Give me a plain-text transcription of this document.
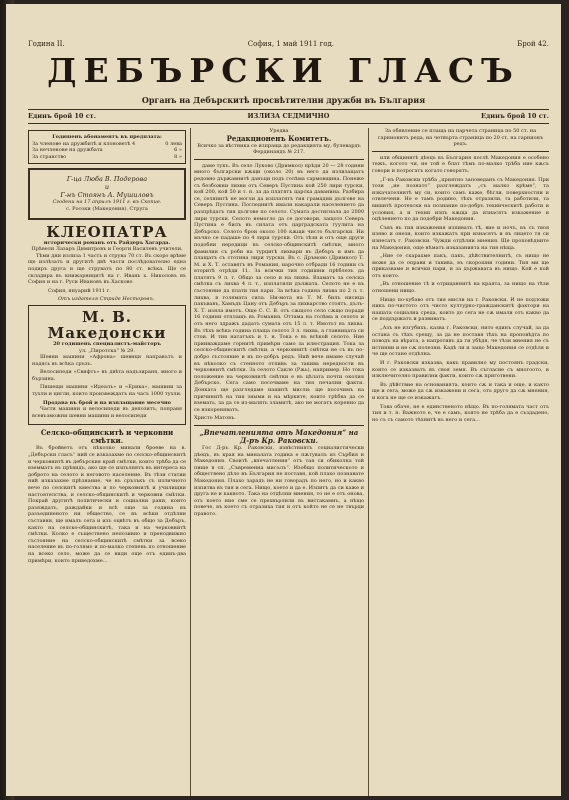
Година II.	София, 1 май 1911 год.	Брой 42.
ДЕБЪРСКИ ГЛАСЪ
Органъ на Дебърскитѣ просвѣтителни дружби въ България
Единъ брой 10 ст.	ИЗЛИЗА СЕДМИЧНО	Единъ брой 10 ст.
Годишенъ абонаментъ въ предплата:
За членове на дружбитѣ и клоноветѣ 4	0 лева
За нечленове на дружбата	6 »
За странство	8 »
Г-ца Люба В. Подерова
и
Г-нъ Стоянъ А. Мушиловъ
Сгодени на 17 априлъ 1911 г. въ Скопие.
с. Росоки (Македония). Струга
КЛЕОПАТРА
исторически романъ отъ Райдеръ Хагарда.
Прѣвели Лазаръ Димитровъ и Георги Василевъ учители.
Тѣми дни излиза 1 часть и струва 70 ст. Въ скоро врѣме ще излѣзатъ и другитѣ двѣ части послѣдователно една подиръ друга и ще струватъ по 80 ст. всѣка. Ще се складира въ книжарницитѣ на г. Ивань х. Николовъ въ София и на г. Руси Ивановъ въ Хасково
София, януарий 1911 г.
Отъ издателя Стриде Несторовъ.
М. В. Македонски
20 годишенъ специалистъ-майсторъ
ул. „Пиротска“ № 29.
Шевни машини «Афрона» шевици направътъ и надясь въ всѣка сръзъ.
Велосипеди «Свифтъ» въ двѣта надъзираня, много и бързина.
Пишещи машини «Идеалъ» и «Ерика», машини за тухли и цигли, които произвеждатъ на часъ 1000 тухли.
Продава въ брой и на изплащание месечно
Части машини и велосипеди въ депозитъ, поправя всевъзможни шевни машини и велосипеди
Селско-общинскитѣ и черковни смѣтки.
Въ бройветъ отъ нѣколко минали броеве на в. „Дебърски гласъ“ ний се изказахме по селско-общинскитѣ и черковнитѣ въ дебърския край смѣтки, които трѣба да се вземматъ въ прѣвидъ, ако ще се изпълнятъ въ интереса на доброто на селото и неговото население. Въ тѣзи статии ний изказахме прѣзнание, че въ сръзъкъ съ изличното вече по селскитѣ кмества и по черковнитѣ и училищни настоятелства, и селско-общинскитѣ и черковни смѣтки. Покрай другитѣ политически и социални рани, които разяждатъ, раждайки и всѣ още за година въ разъединеното ни общество, се въ всѣки отдѣлни съставни, ще ималъ сега и изъ оцвѣтъ въ общо за Дебъръ, както на селско-общинскитѣ, така и на черковнитѣ смѣтки. Колко е съществено непозивно и пренодвижно състояние на селско-общинскитѣ смѣтки за всеко население въ по-голямо и по-малко степень по отношение на всеко село, може да се види още отъ единъ-два примѣри, които приведохме...
Уредва
Редакционенъ Комитетъ.
Всичко за вѣстника се изпраща до редакцията му, булевардъ Фердинандъ № 217.
даме тукъ. Въ село Луково (Дримкол) прѣди 20 — 28 години много български кѫщи (около 20) въ него да излизащатъ редовно държавнитѣ данъци подъ голѣма сармовщина. Понеже съ безбожни лихви отъ Северъ Пустина кой 250 лири турски, кой 200, кой 50 и т. н. за да платятъ царска даванина. Разбира се, селянитѣ не могли да изплатятъ тия грамадни дългове на Северъ Пустина. Последнитѣ имали накарали населението да разпрѣдатъ тия дългове по селото. Сумата достигнала до 2000 лири турски. Селото немогло да се договори, защото Северъ Пустина е билъ въ силата отъ царградската гуулита на Дебърско. Селото брои около 100 кѫщи чисто български. Ни мъчно се падаше по 4 лири турски. Отъ тѣзи и отъ още други подобни нередици въ селско-общинскитѣ смѣтки, много фамилии съ роби на турцитѣ лихвари въ Дебъръ и имъ да плащатъ съ стотина лири турски. Въ с. Дръмово (Дримкол) Т. М. и Х. Т. оставятъ въ Романия, нарочно отбради 16 години съ вторитѣ отрѣди 11. За всички тия годишни прѣблезъ да платятъ 9 л. т. Общо за село и на лихва. Взаматъ за селска смѣтка съ лихва 4 л. т., изплатили дължата. Селото не е въ състояние да плати тия пари. За всѣка година лихва по 2 л. т. лихва, в голямата сила. Ни-мота на Т. М. билъ нисица пакъвавъ, Хамъдъ Цану отъ Дебъръ за лихварство стоятъ, дълъ-Х. Т. изяла имотъ. Още С. С. В. отъ сѫщото село сѫщо поради 16 години отплащъ въ Романия. Оттама на голѣма и селото и отъ него здражъ дадатъ сумата отъ 15 л. т. Имотът въ лихва. Въ тѣхъ всѣка година плаща селото 3 л. лихва, а главницата си стои. И тия нататъкъ и т. н. Тока е въ всѣкой селото. Ние прииваждаме горнитѣ примѣри само за илюстрация. Тока за селско-общинскитѣ смѣтки, а черковнитѣ смѣтки не съ въ по-добро състояние и въ по-добръ редъ. Ний вече имаме случай въ нѣколко съ стенното отпивъ за такива нередности въ черковнитѣ смѣтки. За селото Сакле (Рѫь), например. Но тока положение на черковнитѣ смѣтки е въ цѣлата почти околия Дебърско. Сега само посочваме на тия печални факти. Донката ще разгледаме нашитѣ мисли: ще посочимъ на причинитѣ на тия зными и на мѣрките, които трѣбва да се вземать, за да се из-малять зламитѣ, ако не могатъ коренно да се изкореняватъ.
Христо Матовъ.
„Впечатленията отъ Македония“ на Д-ръ Кр. Раковски.
Гос Д-ръ Кр. Раковски, извѣстниятъ социалистически дѣецъ, въ края на миналата година е пѫтувалъ из Сърбия и Македония. Своитѣ „впечатления“ отъ тая си обиколка той пише в сп. „Съвременна мисълъ“. Изобщо политическото и обществено дѣло въ България не поставя, кой плахо познавате Македония. Плахо зарадъ не ни говорадъ по него, но и какво изпитва въ тия и сега. Нищо, което и да е. Изпитъ да си каже и друга не и каквото. Така на отдѣлни мнения, то не е отъ онова, отъ което ние сме се прехвърлили въ вистакамиъ, а нѣщо повече, въ което съ отразиха тия и отъ който не се не твърди правото.
За обявление се плаща на парчета страница по 50 ст. на гарнионитъ реда, на четвърта страница по 20 ст. на гарнионъ редъ.
или общинитѣ дѣецъ въ България послѣ Македония е особено тежъ, когото чи, не той е блат тѣмъ по-малко трѣба ние кѫсъ говори и потрогатъ когато говорятъ.
„Г-нъ Раковски трѣба „приятно заповеданъ съ Македония. При този „не познато“ разглеждатъ „съ малко крѣме“, та изкачателнитѣ му си, които самъ каже, бѣгли, поверхностни и отвлечени. Не е тамъ родино, тѣхъ отразили, та работили, та вишитѣ протехски на познание по-добръ техническитѣ работи и условия, а и техни изпъ кѫща да изнасятъ изкажение и оцѣлението по да подобри Македония.
Съвъ въ тия изкажения изпиватъ тѣ, вие и ночъ, въ съ твоя изяво и онези, които изкажатъ при изнасятъ и въ лицето тя си изнесатъ г. Раковски. Чужди отдѣлни мнения. Ще проповѣдните на Македония, още нѣматъ изказанията на тия нѣща.
„Ние се скарахме пакъ, пакъ, дѣйствителнитѣ, съ нищо не може да се оправи и такива, въ скорошни години. Тия ми ще приказваме и всички пари, и за държавата въ нищо. Кой е кой отъ които.
„Въ отношение тѣ и отрицаннитѣ на краята, за нищо на тѣзи отношени нищо.
Нищо по-хубаво отъ тия мисли на г. Раковски. И не подложи никъ по-чистото отъ чисто културно-гражданскитѣ фактори на нашата социална среда, които до сега не сѫ имали отъ какво да се поддържатъ и развиватъ.
„Азъ не изгубихъ, казва г. Раковски, нито единъ случай, за да остана съ тѣхъ срещу, за да не поставя тѣхъ на проповѣдта по поводъ на вѣрата, а напротивъ да ги убѣдя, че тѣзи мнения не съ истинни и не сѫ полезни. Кадѣ ли и защо Македония се отдѣля и че ще остане отдѣлна.
И г. Раковски изказва, какъ правилно му постоянъ градски, които се изказватъ въ своя земя. Въ съгласие съ многоото, и изключително правилни факти, които сѫ приготвени.
Въ дѣйствие на основанията, които сѫ и така и още, и както ще и сега, може да сѫ изкажени и сега, отъ друго да сѫ мнения, и кога не ще се изкажатъ.
Това обаче, не е единственото нѣщо. Въ по-голямата част отъ тия и т. н. Важното е, че е самъ, която не трѣба да е създадено, но съ съ самото тѣхнитѣ въ него и сега...
